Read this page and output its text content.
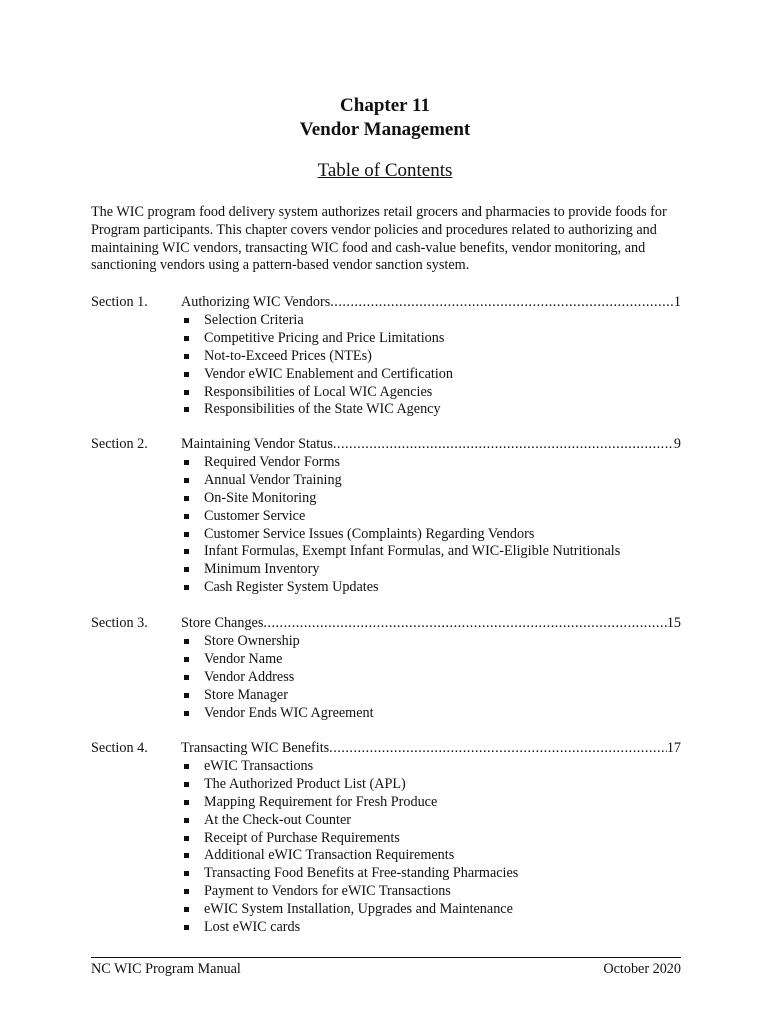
Chapter 11
Vendor Management
Table of Contents

The WIC program food delivery system authorizes retail grocers and pharmacies to provide foods for Program participants. This chapter covers vendor policies and procedures related to authorizing and maintaining WIC vendors, transacting WIC food and cash-value benefits, vendor monitoring, and sanctioning vendors using a pattern-based vendor sanction system.

Section 1. Authorizing WIC Vendors .....	1
Selection Criteria
Competitive Pricing and Price Limitations
Not-to-Exceed Prices (NTEs)
Vendor eWIC Enablement and Certification
Responsibilities of Local WIC Agencies
Responsibilities of the State WIC Agency
Section 2. Maintaining Vendor Status .....	9
Required Vendor Forms
Annual Vendor Training
On-Site Monitoring
Customer Service
Customer Service Issues (Complaints) Regarding Vendors
Infant Formulas, Exempt Infant Formulas, and WIC-Eligible Nutritionals
Minimum Inventory
Cash Register System Updates
Section 3. Store Changes .....	15
Store Ownership
Vendor Name
Vendor Address
Store Manager
Vendor Ends WIC Agreement
Section 4. Transacting WIC Benefits .....	17
eWIC Transactions
The Authorized Product List (APL)
Mapping Requirement for Fresh Produce
At the Check-out Counter
Receipt of Purchase Requirements
Additional eWIC Transaction Requirements
Transacting Food Benefits at Free-standing Pharmacies
Payment to Vendors for eWIC Transactions
eWIC System Installation, Upgrades and Maintenance
Lost eWIC cards
NC WIC Program Manual	October 2020
